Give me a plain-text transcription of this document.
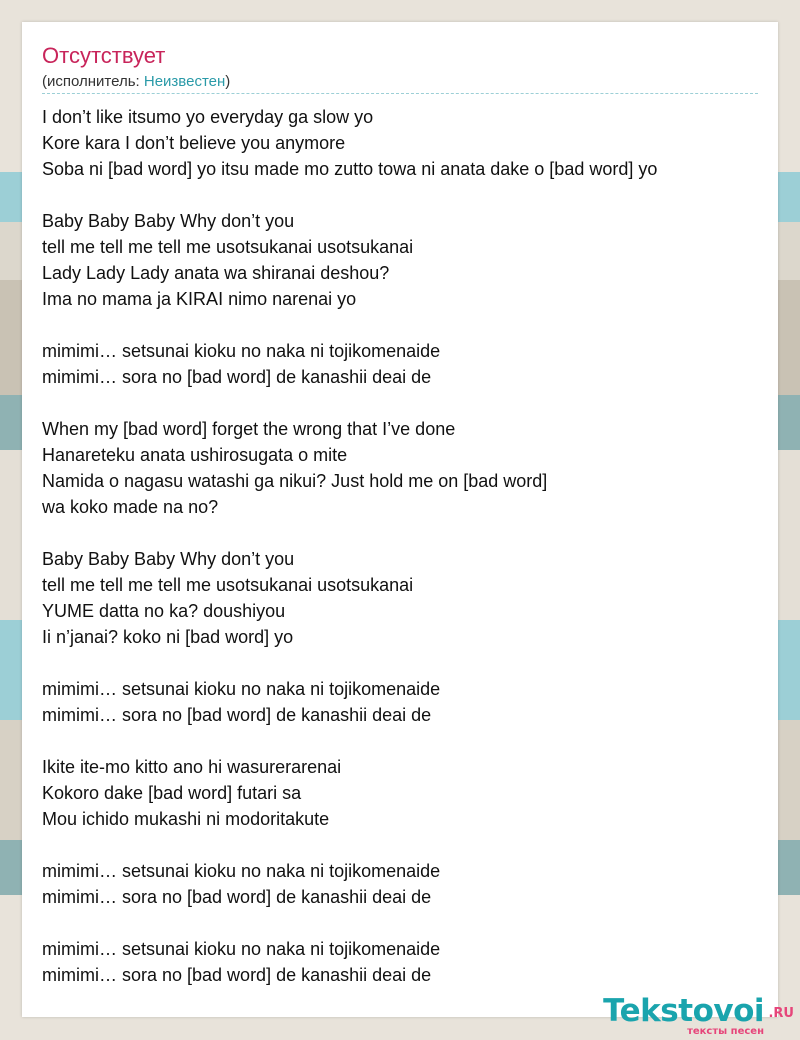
Отсутствует
(исполнитель: Неизвестен)
I don’t like itsumo yo everyday ga slow yo
Kore kara I don’t believe you anymore
Soba ni [bad word] yo itsu made mo zutto towa ni anata dake o [bad word] yo
Baby Baby Baby Why don’t you
tell me tell me tell me usotsukanai usotsukanai
Lady Lady Lady anata wa shiranai deshou?
Ima no mama ja KIRAI nimo narenai yo
mimimi… setsunai kioku no naka ni tojikomenaide
mimimi… sora no [bad word] de kanashii deai de
When my [bad word] forget the wrong that I’ve done
Hanareteku anata ushirosugata o mite
Namida o nagasu watashi ga nikui? Just hold me on [bad word]
wa koko made na no?
Baby Baby Baby Why don’t you
tell me tell me tell me usotsukanai usotsukanai
YUME datta no ka? doushiyou
Ii n’janai? koko ni [bad word] yo
mimimi… setsunai kioku no naka ni tojikomenaide
mimimi… sora no [bad word] de kanashii deai de
Ikite ite-mo kitto ano hi wasurerarenai
Kokoro dake [bad word] futari sa
Mou ichido mukashi ni modoritakute
mimimi… setsunai kioku no naka ni tojikomenaide
mimimi… sora no [bad word] de kanashii deai de
mimimi… setsunai kioku no naka ni tojikomenaide
mimimi… sora no [bad word] de kanashii deai de
Tekstovoi .RU
тексты песен
